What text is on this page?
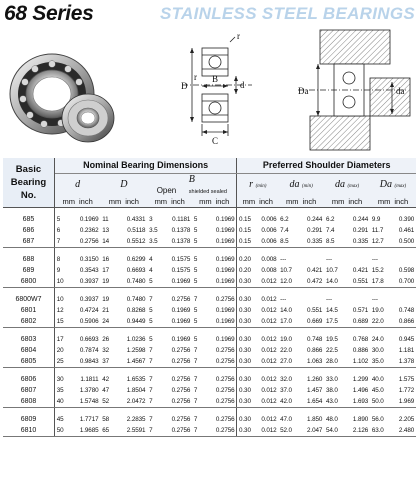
68 Series	STAINLESS STEEL BEARINGS
r
r
D
B
d
C
Da	da
Basic
Bearing
No.	Nominal Bearing Dimensions				Preferred Shoulder Diameters			
	d	D	B
Open shielded sealed		r (min)	da (min)	da (max)	Da (max)
	mm inch	mm inch	mm inch	mm inch	mm inch	mm inch	mm inch	mm inch

685	5 0.1969	11 0.4331	3 0.1181	5 0.1969	0.15 0.006	6.2 0.244	6.2 0.244	9.9 0.390
686	6 0.2362	13 0.5118	3.5 0.1378	5 0.1969	0.15 0.006	7.4 0.291	7.4 0.291	11.7 0.461
687	7 0.2756	14 0.5512	3.5 0.1378	5 0.1969	0.15 0.006	8.5 0.335	8.5 0.335	12.7 0.500

688	8 0.3150	16 0.6299	4 0.1575	5 0.1969	0.20 0.008	---	---	---
689	9 0.3543	17 0.6693	4 0.1575	5 0.1969	0.20 0.008	10.7 0.421	10.7 0.421	15.2 0.598
6800	10 0.3937	19 0.7480	5 0.1969	5 0.1969	0.30 0.012	12.0 0.472	14.0 0.551	17.8 0.700

6800W7	10 0.3937	19 0.7480	7 0.2756	7 0.2756	0.30 0.012	---	---	---
6801	12 0.4724	21 0.8268	5 0.1969	5 0.1969	0.30 0.012	14.0 0.551	14.5 0.571	19.0 0.748
6802	15 0.5906	24 0.9449	5 0.1969	5 0.1969	0.30 0.012	17.0 0.669	17.5 0.689	22.0 0.866

6803	17 0.6693	26 1.0236	5 0.1969	5 0.1969	0.30 0.012	19.0 0.748	19.5 0.768	24.0 0.945
6804	20 0.7874	32 1.2598	7 0.2756	7 0.2756	0.30 0.012	22.0 0.866	22.5 0.886	30.0 1.181
6805	25 0.9843	37 1.4567	7 0.2756	7 0.2756	0.30 0.012	27.0 1.063	28.0 1.102	35.0 1.378

6806	30 1.1811	42 1.6535	7 0.2756	7 0.2756	0.30 0.012	32.0 1.260	33.0 1.299	40.0 1.575
6807	35 1.3780	47 1.8504	7 0.2756	7 0.2756	0.30 0.012	37.0 1.457	38.0 1.496	45.0 1.772
6808	40 1.5748	52 2.0472	7 0.2756	7 0.2756	0.30 0.012	42.0 1.654	43.0 1.693	50.0 1.969

6809	45 1.7717	58 2.2835	7 0.2756	7 0.2756	0.30 0.012	47.0 1.850	48.0 1.890	56.0 2.205
6810	50 1.9685	65 2.5591	7 0.2756	7 0.2756	0.30 0.012	52.0 2.047	54.0 2.126	63.0 2.480
